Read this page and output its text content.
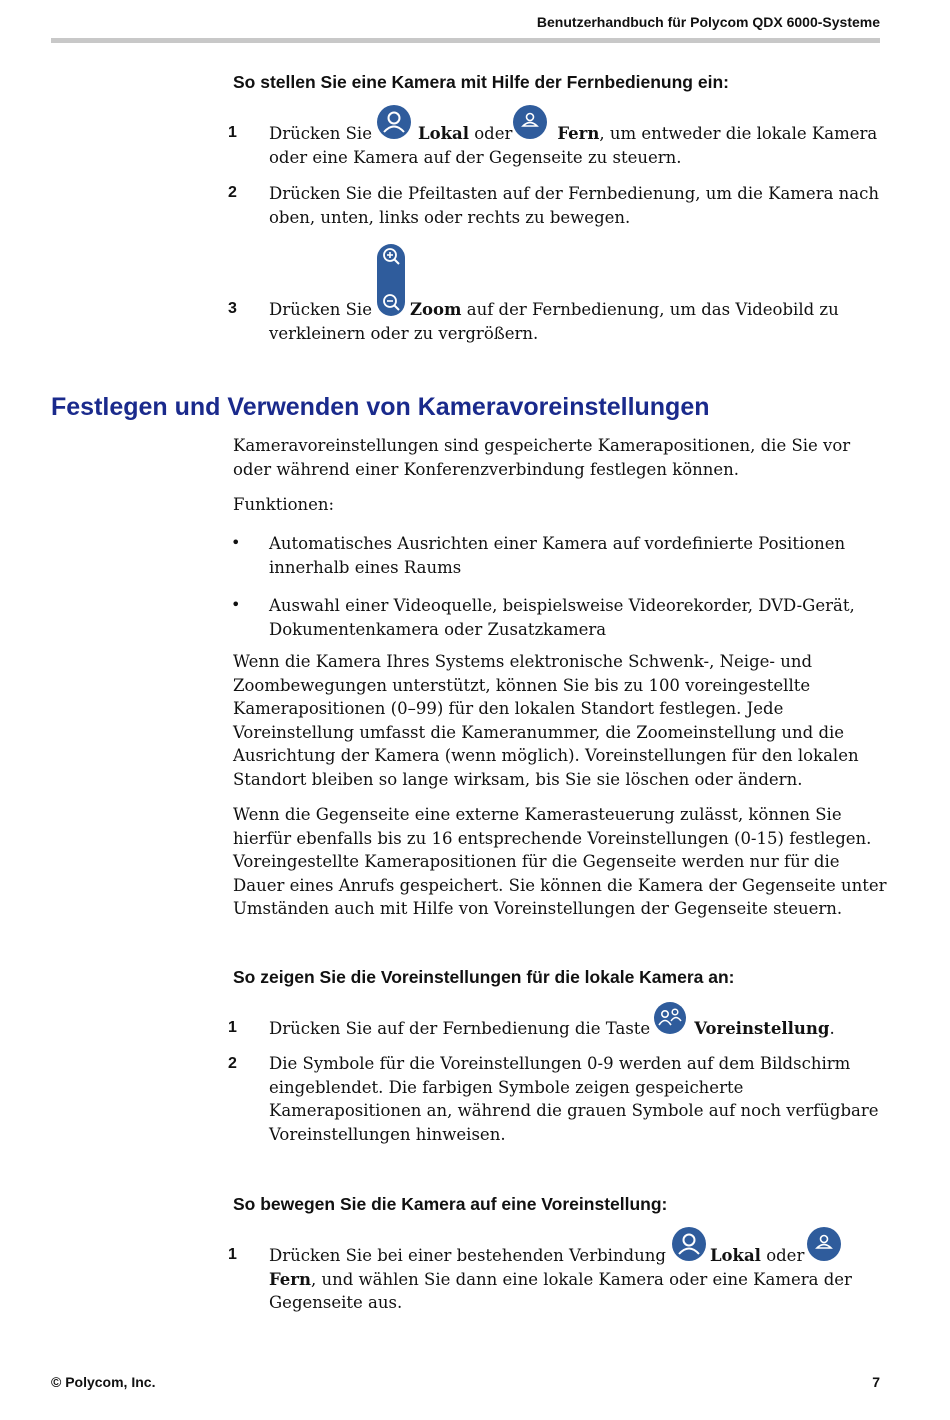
Benutzerhandbuch für Polycom QDX 6000-Systeme
So stellen Sie eine Kamera mit Hilfe der Fernbedienung ein:
1 Drücken Sie	Lokal oder	Fern, um entweder die lokale Kamera
oder eine Kamera auf der Gegenseite zu steuern.
2 Drücken Sie die Pfeiltasten auf der Fernbedienung, um die Kamera nach
oben, unten, links oder rechts zu bewegen.
3 Drücken Sie Zoom auf der Fernbedienung, um das Videobild zu
verkleinern oder zu vergrößern.
Festlegen und Verwenden von Kameravoreinstellungen
Kameravoreinstellungen sind gespeicherte Kamerapositionen, die Sie vor oder während einer Konferenzverbindung festlegen können.
Funktionen:
• Automatisches Ausrichten einer Kamera auf vordefinierte Positionen innerhalb eines Raums
• Auswahl einer Videoquelle, beispielsweise Videorekorder, DVD-Gerät, Dokumentenkamera oder Zusatzkamera
Wenn die Kamera Ihres Systems elektronische Schwenk-, Neige- und Zoombewegungen unterstützt, können Sie bis zu 100 voreingestellte Kamerapositionen (0–99) für den lokalen Standort festlegen. Jede Voreinstellung umfasst die Kameranummer, die Zoomeinstellung und die Ausrichtung der Kamera (wenn möglich). Voreinstellungen für den lokalen Standort bleiben so lange wirksam, bis Sie sie löschen oder ändern.
Wenn die Gegenseite eine externe Kamerasteuerung zulässt, können Sie hierfür ebenfalls bis zu 16 entsprechende Voreinstellungen (0-15) festlegen. Voreingestellte Kamerapositionen für die Gegenseite werden nur für die Dauer eines Anrufs gespeichert. Sie können die Kamera der Gegenseite unter Umständen auch mit Hilfe von Voreinstellungen der Gegenseite steuern.
So zeigen Sie die Voreinstellungen für die lokale Kamera an:
1 Drücken Sie auf der Fernbedienung die Taste	Voreinstellung.
2 Die Symbole für die Voreinstellungen 0-9 werden auf dem Bildschirm eingeblendet. Die farbigen Symbole zeigen gespeicherte Kamerapositionen an, während die grauen Symbole auf noch verfügbare Voreinstellungen hinweisen.
So bewegen Sie die Kamera auf eine Voreinstellung:
1 Drücken Sie bei einer bestehenden Verbindung	Lokal oder
Fern, und wählen Sie dann eine lokale Kamera oder eine Kamera der Gegenseite aus.
© Polycom, Inc.	7
